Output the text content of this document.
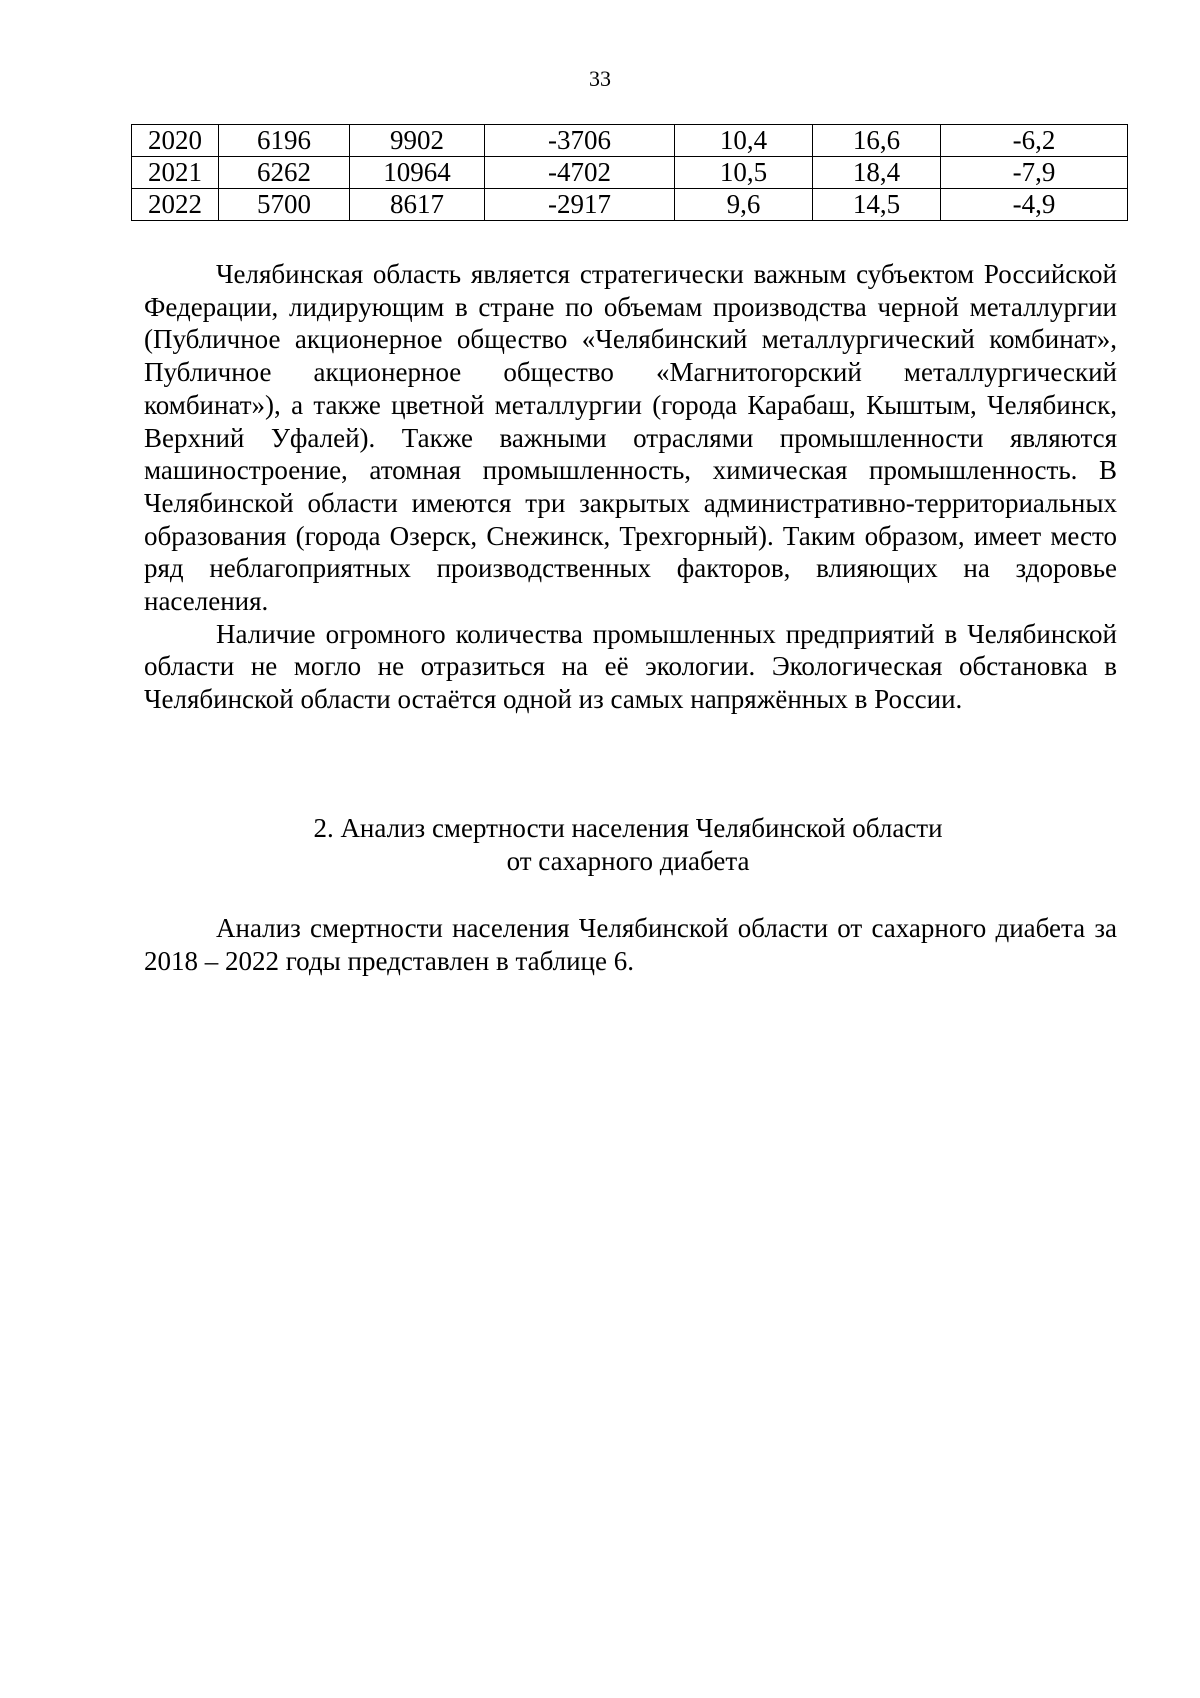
33
2020	6196	9902	-3706	10,4	16,6	-6,2
2021	6262	10964	-4702	10,5	18,4	-7,9
2022	5700	8617	-2917	9,6	14,5	-4,9

Челябинская область является стратегически важным субъектом Российской Федерации, лидирующим в стране по объемам производства черной металлургии (Публичное акционерное общество «Челябинский металлургический комбинат», Публичное акционерное общество «Магнитогорский металлургический комбинат»), а также цветной металлургии (города Карабаш, Кыштым, Челябинск, Верхний Уфалей). Также важными отраслями промышленности являются машиностроение, атомная промышленность, химическая промышленность. В Челябинской области имеются три закрытых административно-территориальных образования (города Озерск, Снежинск, Трехгорный). Таким образом, имеет место ряд неблагоприятных производственных факторов, влияющих на здоровье населения.

Наличие огромного количества промышленных предприятий в Челябинской области не могло не отразиться на её экологии. Экологическая обстановка в Челябинской области остаётся одной из самых напряжённых в России.

2. Анализ смертности населения Челябинской области
от сахарного диабета

Анализ смертности населения Челябинской области от сахарного диабета за 2018 – 2022 годы представлен в таблице 6.
